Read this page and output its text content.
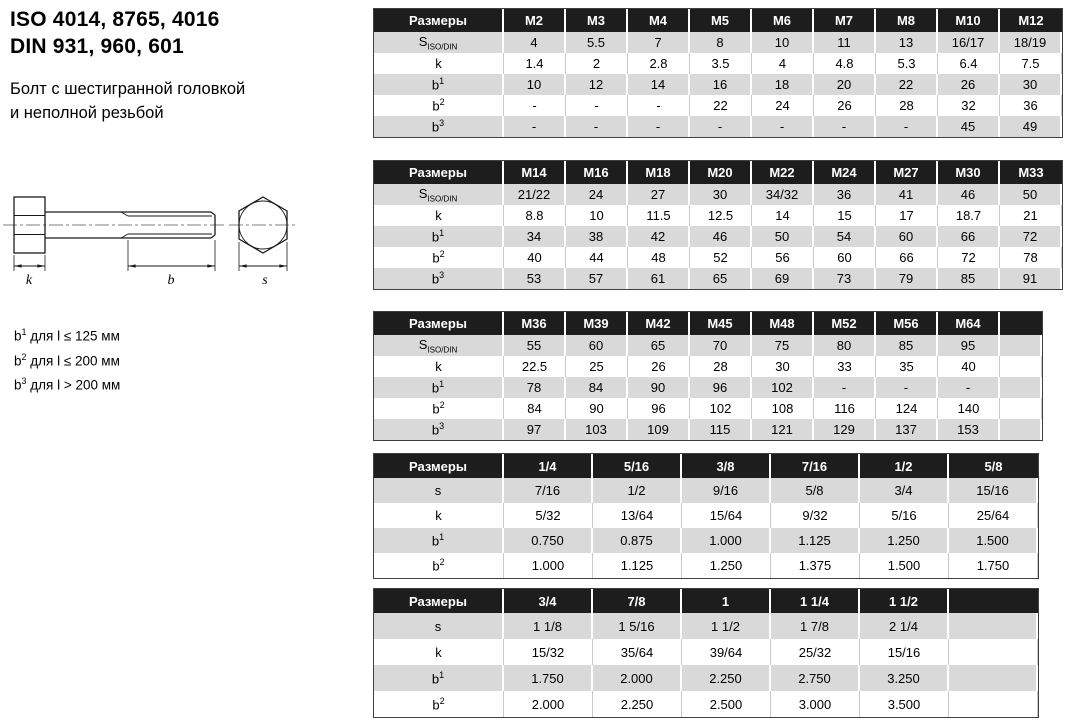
ISO 4014, 8765, 4016
DIN 931, 960, 601
Болт с шестигранной головкой
и неполной резьбой
k	b	s
$b^1$ для l ≤ 125 мм
$b^2$ для l ≤ 200 мм
$b^3$ для l > 200 мм
Размеры	M2	M3	M4	M5	M6	M7	M8	M10	M12
$S_{ISO/DIN}$	4	5.5	7	8	10	11	13	16/17	18/19
k	1.4	2	2.8	3.5	4	4.8	5.3	6.4	7.5
$b^1$	10	12	14	16	18	20	22	26	30
$b^2$	-	-	-	22	24	26	28	32	36
$b^3$	-	-	-	-	-	-	-	45	49
Размеры	M14	M16	M18	M20	M22	M24	M27	M30	M33
$S_{ISO/DIN}$	21/22	24	27	30	34/32	36	41	46	50
k	8.8	10	11.5	12.5	14	15	17	18.7	21
$b^1$	34	38	42	46	50	54	60	66	72
$b^2$	40	44	48	52	56	60	66	72	78
$b^3$	53	57	61	65	69	73	79	85	91
Размеры	M36	M39	M42	M45	M48	M52	M56	M64	
$S_{ISO/DIN}$	55	60	65	70	75	80	85	95	
k	22.5	25	26	28	30	33	35	40	
$b^1$	78	84	90	96	102	-	-	-	
$b^2$	84	90	96	102	108	116	124	140	
$b^3$	97	103	109	115	121	129	137	153	
Размеры	1/4	5/16	3/8	7/16	1/2	5/8
s	7/16	1/2	9/16	5/8	3/4	15/16
k	5/32	13/64	15/64	9/32	5/16	25/64
$b^1$	0.750	0.875	1.000	1.125	1.250	1.500
$b^2$	1.000	1.125	1.250	1.375	1.500	1.750
Размеры	3/4	7/8	1	1 1/4	1 1/2	
s	1 1/8	1 5/16	1 1/2	1 7/8	2 1/4	
k	15/32	35/64	39/64	25/32	15/16	
$b^1$	1.750	2.000	2.250	2.750	3.250	
$b^2$	2.000	2.250	2.500	3.000	3.500	
